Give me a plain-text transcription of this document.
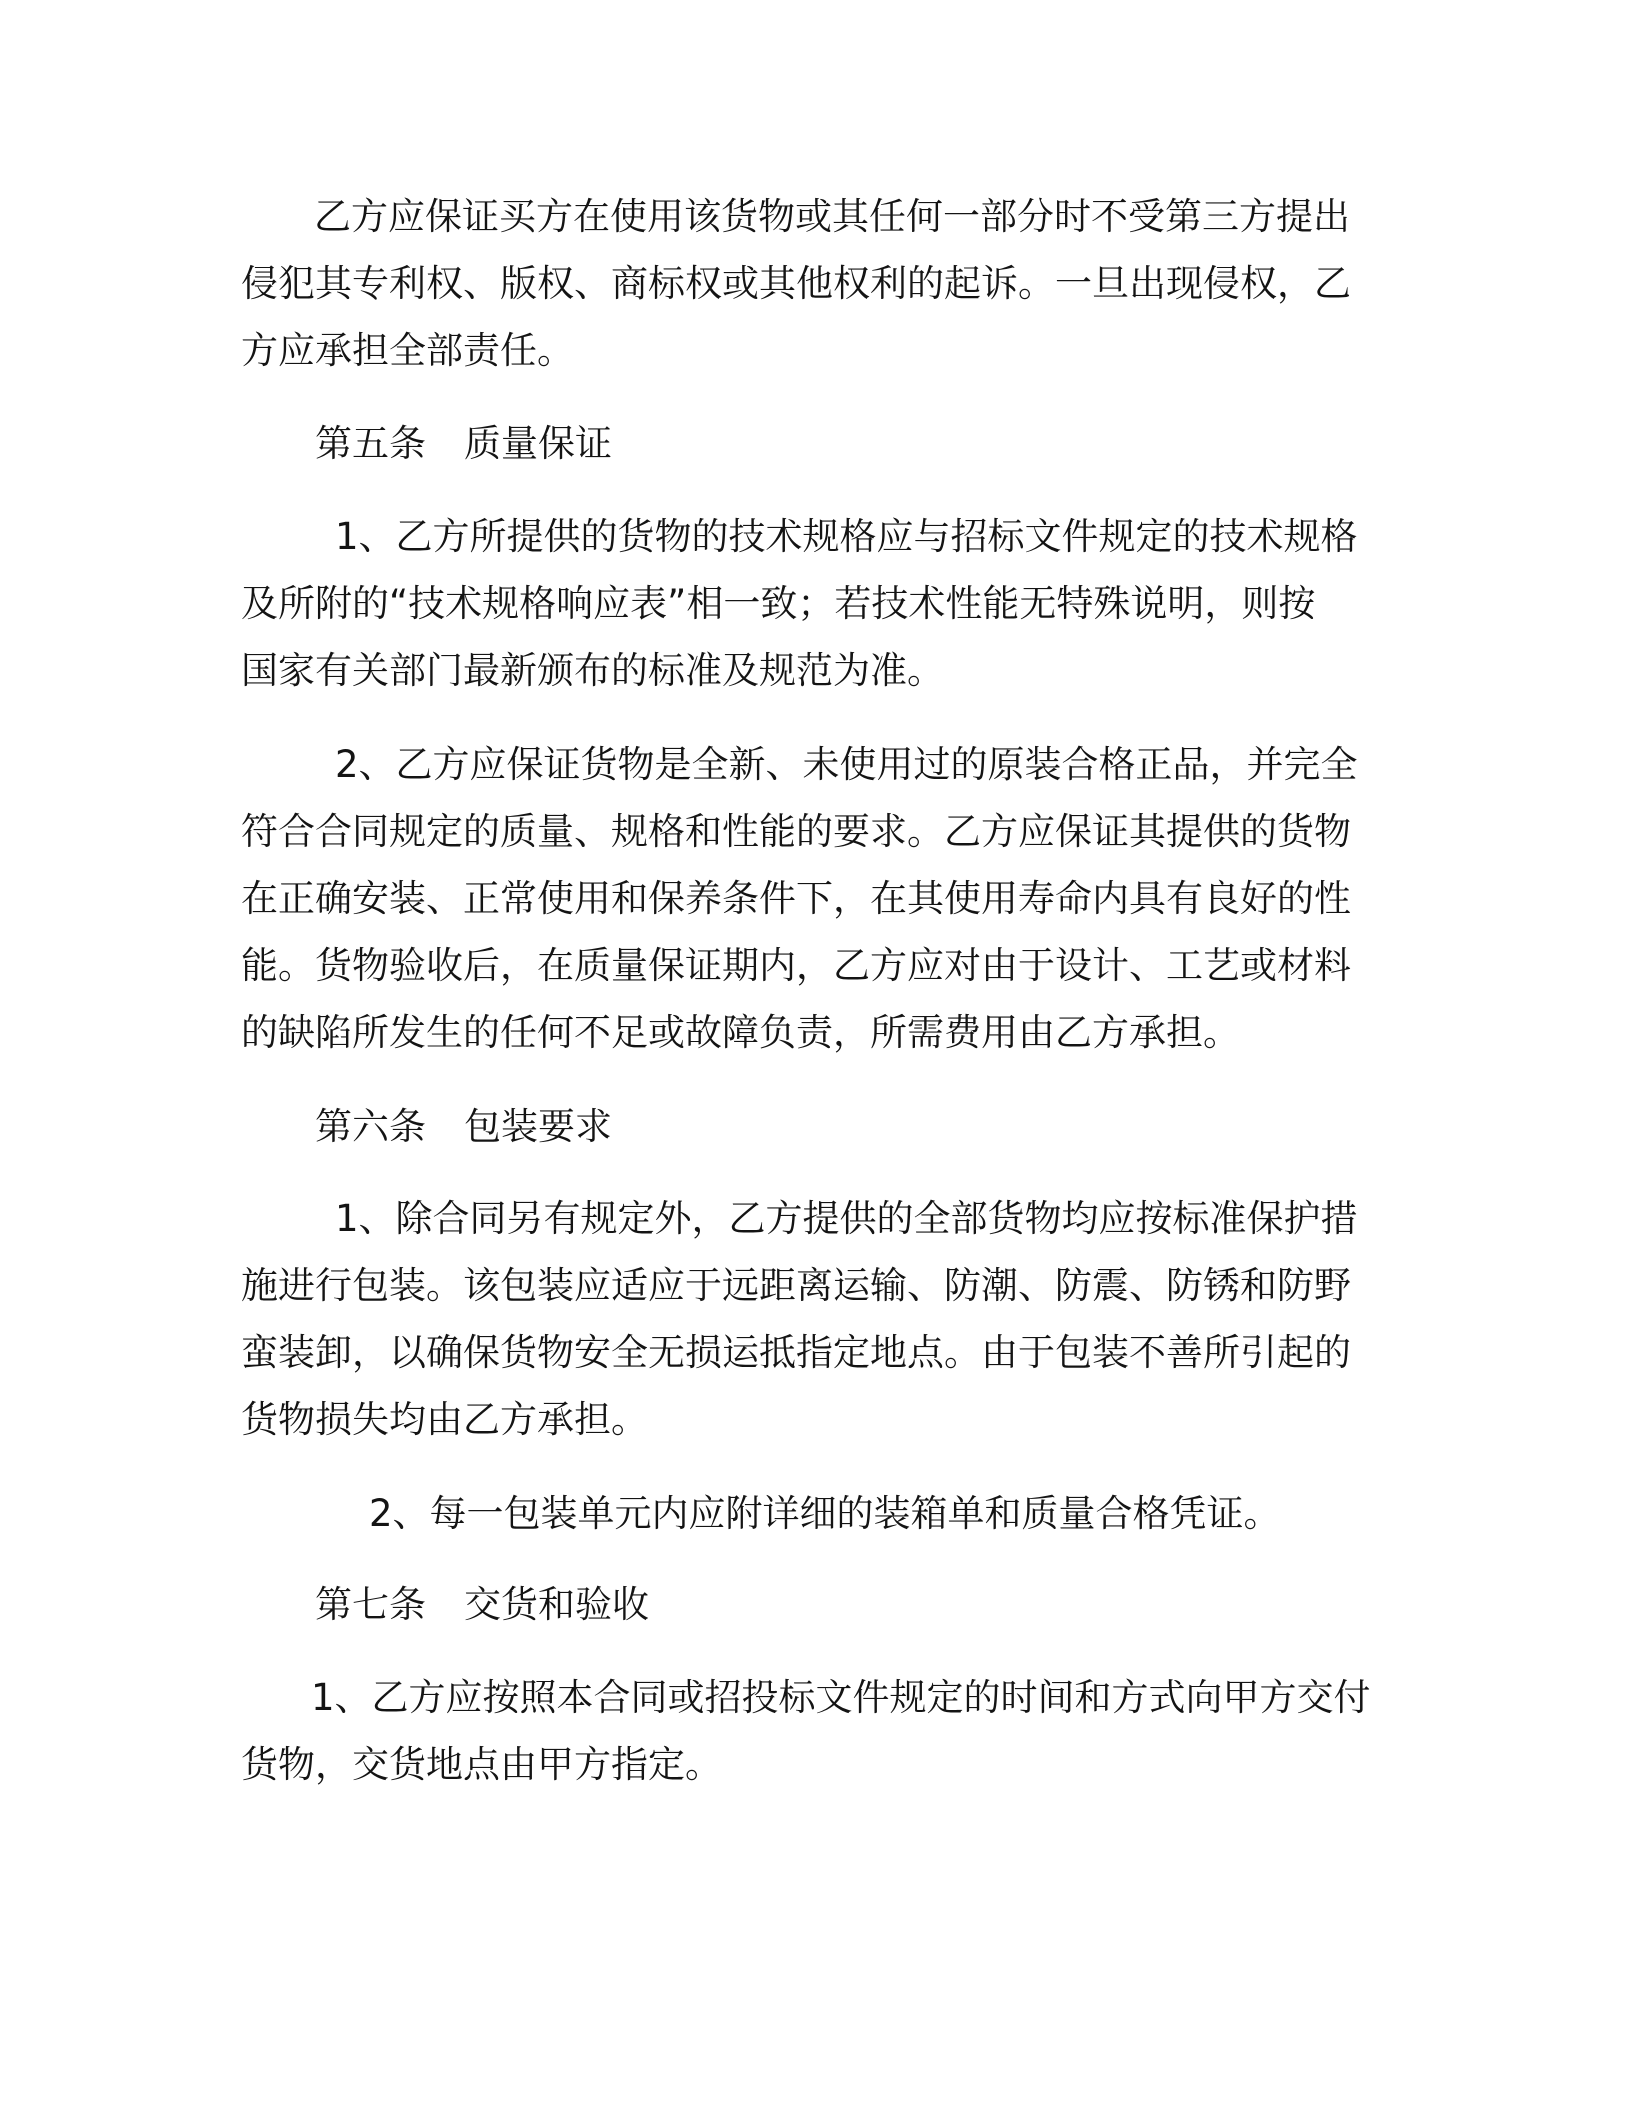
乙方应保证买方在使用该货物或其任何一部分时不受第三方提出
侵犯其专利权、版权、商标权或其他权利的起诉。一旦出现侵权，乙
方应承担全部责任。
第五条 质量保证
1、乙方所提供的货物的技术规格应与招标文件规定的技术规格
及所附的“技术规格响应表”相一致；若技术性能无特殊说明，则按
国家有关部门最新颁布的标准及规范为准。
2、乙方应保证货物是全新、未使用过的原装合格正品，并完全
符合合同规定的质量、规格和性能的要求。乙方应保证其提供的货物
在正确安装、正常使用和保养条件下，在其使用寿命内具有良好的性
能。货物验收后，在质量保证期内，乙方应对由于设计、工艺或材料
的缺陷所发生的任何不足或故障负责，所需费用由乙方承担。
第六条 包装要求
1、除合同另有规定外，乙方提供的全部货物均应按标准保护措
施进行包装。该包装应适应于远距离运输、防潮、防震、防锈和防野
蛮装卸，以确保货物安全无损运抵指定地点。由于包装不善所引起的
货物损失均由乙方承担。
2、每一包装单元内应附详细的装箱单和质量合格凭证。
第七条 交货和验收
1、乙方应按照本合同或招投标文件规定的时间和方式向甲方交付
货物，交货地点由甲方指定。
